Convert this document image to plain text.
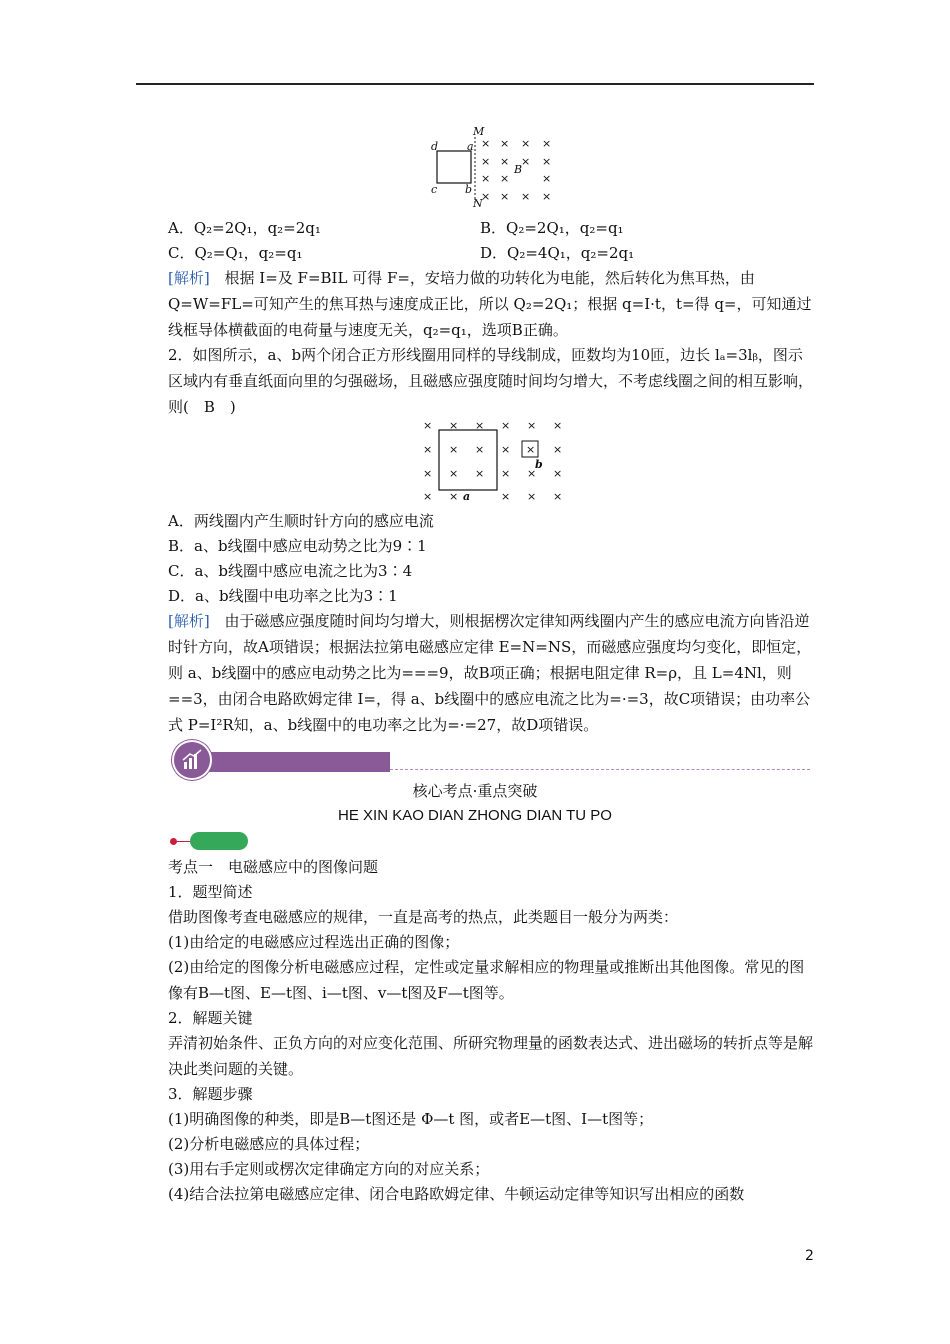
M
N
a
b
c
d
B
× × × ×
× × × ×
× ×	×
× × × ×
A．Q₂=2Q₁，q₂=2q₁	B．Q₂=2Q₁，q₂=q₁
C．Q₂=Q₁，q₂=q₁	D．Q₂=4Q₁，q₂=2q₁
[解析] 根据 I=及 F=BIL 可得 F=，安培力做的功转化为电能，然后转化为焦耳热，由 Q=W=FL=可知产生的焦耳热与速度成正比，所以 Q₂=2Q₁；根据 q=I·t，t=得 q=，可知通过线框导体横截面的电荷量与速度无关，q₂=q₁，选项B正确。
2．如图所示，a、b两个闭合正方形线圈用同样的导线制成，匝数均为10匝，边长 lₐ=3lᵦ，图示区域内有垂直纸面向里的匀强磁场，且磁感应强度随时间均匀增大，不考虑线圈之间的相互影响，则(　B　)
× × × × × ×
× × × × × ×
× × × × × ×
× ×	× × ×
a
b
A．两线圈内产生顺时针方向的感应电流
B．a、b线圈中感应电动势之比为9∶1
C．a、b线圈中感应电流之比为3∶4
D．a、b线圈中电功率之比为3∶1
[解析] 由于磁感应强度随时间均匀增大，则根据楞次定律知两线圈内产生的感应电流方向皆沿逆时针方向，故A项错误；根据法拉第电磁感应定律 E=N=NS，而磁感应强度均匀变化，即恒定，则 a、b线圈中的感应电动势之比为===9，故B项正确；根据电阻定律 R=ρ，且 L=4Nl，则==3，由闭合电路欧姆定律 I=，得 a、b线圈中的感应电流之比为=·=3，故C项错误；由功率公式 P=I²R知，a、b线圈中的电功率之比为=·=27，故D项错误。
核心考点·重点突破
HE XIN KAO DIAN ZHONG DIAN TU PO
考点一　电磁感应中的图像问题
1．题型简述
借助图像考查电磁感应的规律，一直是高考的热点，此类题目一般分为两类：
(1)由给定的电磁感应过程选出正确的图像；
(2)由给定的图像分析电磁感应过程，定性或定量求解相应的物理量或推断出其他图像。常见的图像有B—t图、E—t图、i—t图、v—t图及F—t图等。
2．解题关键
弄清初始条件、正负方向的对应变化范围、所研究物理量的函数表达式、进出磁场的转折点等是解决此类问题的关键。
3．解题步骤
(1)明确图像的种类，即是B—t图还是 Φ—t 图，或者E—t图、I—t图等；
(2)分析电磁感应的具体过程；
(3)用右手定则或楞次定律确定方向的对应关系；
(4)结合法拉第电磁感应定律、闭合电路欧姆定律、牛顿运动定律等知识写出相应的函数
2
